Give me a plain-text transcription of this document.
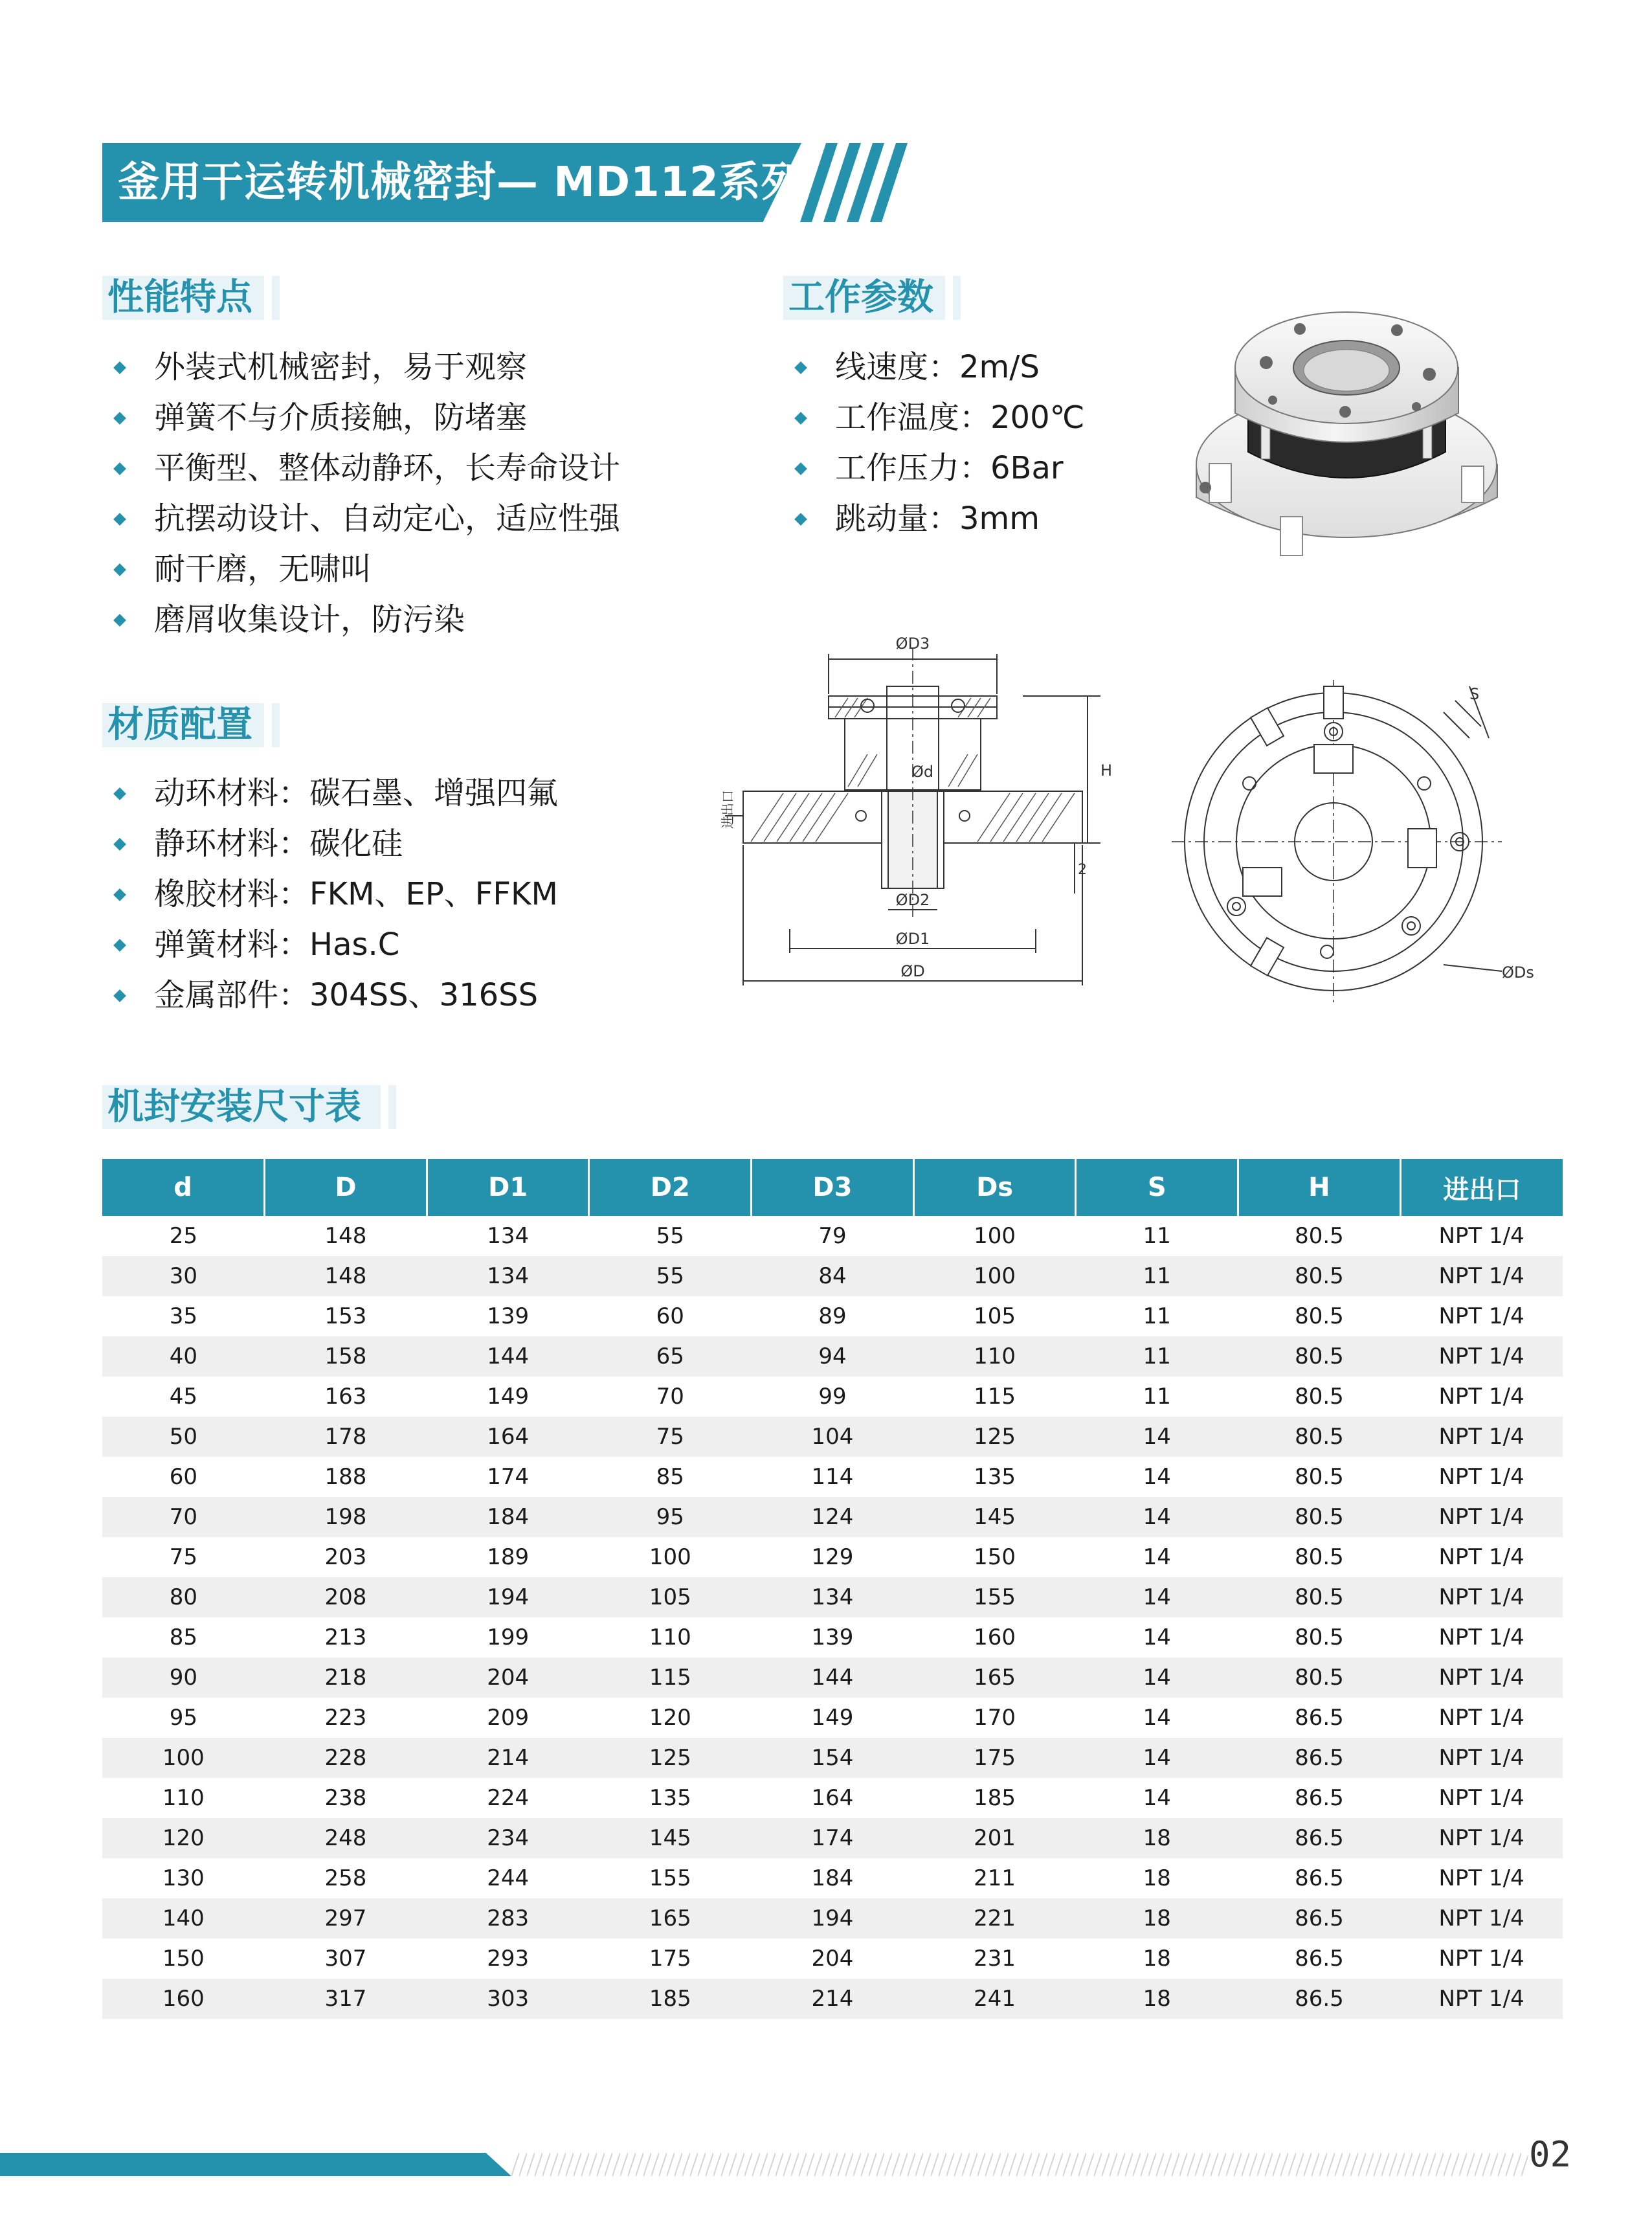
釜用干运转机械密封— MD112系列
性能特点
外装式机械密封，易于观察
弹簧不与介质接触，防堵塞
平衡型、整体动静环，长寿命设计
抗摆动设计、自动定心，适应性强
耐干磨，无啸叫
磨屑收集设计，防污染
工作参数
线速度：2m/S
工作温度：200℃
工作压力：6Bar
跳动量：3mm
ØD3
Ød
ØD2
ØD1
ØD
H
2
进出口
S
ØDs
材质配置
动环材料：碳石墨、增强四氟
静环材料：碳化硅
橡胶材料：FKM、EP、FFKM
弹簧材料：Has.C
金属部件：304SS、316SS
机封安装尺寸表
d	D	D1	D2	D3	Ds	S	H	进出口
25	148	134	55	79	100	11	80.5	NPT 1/4
30	148	134	55	84	100	11	80.5	NPT 1/4
35	153	139	60	89	105	11	80.5	NPT 1/4
40	158	144	65	94	110	11	80.5	NPT 1/4
45	163	149	70	99	115	11	80.5	NPT 1/4
50	178	164	75	104	125	14	80.5	NPT 1/4
60	188	174	85	114	135	14	80.5	NPT 1/4
70	198	184	95	124	145	14	80.5	NPT 1/4
75	203	189	100	129	150	14	80.5	NPT 1/4
80	208	194	105	134	155	14	80.5	NPT 1/4
85	213	199	110	139	160	14	80.5	NPT 1/4
90	218	204	115	144	165	14	80.5	NPT 1/4
95	223	209	120	149	170	14	86.5	NPT 1/4
100	228	214	125	154	175	14	86.5	NPT 1/4
110	238	224	135	164	185	14	86.5	NPT 1/4
120	248	234	145	174	201	18	86.5	NPT 1/4
130	258	244	155	184	211	18	86.5	NPT 1/4
140	297	283	165	194	221	18	86.5	NPT 1/4
150	307	293	175	204	231	18	86.5	NPT 1/4
160	317	303	185	214	241	18	86.5	NPT 1/4
02
